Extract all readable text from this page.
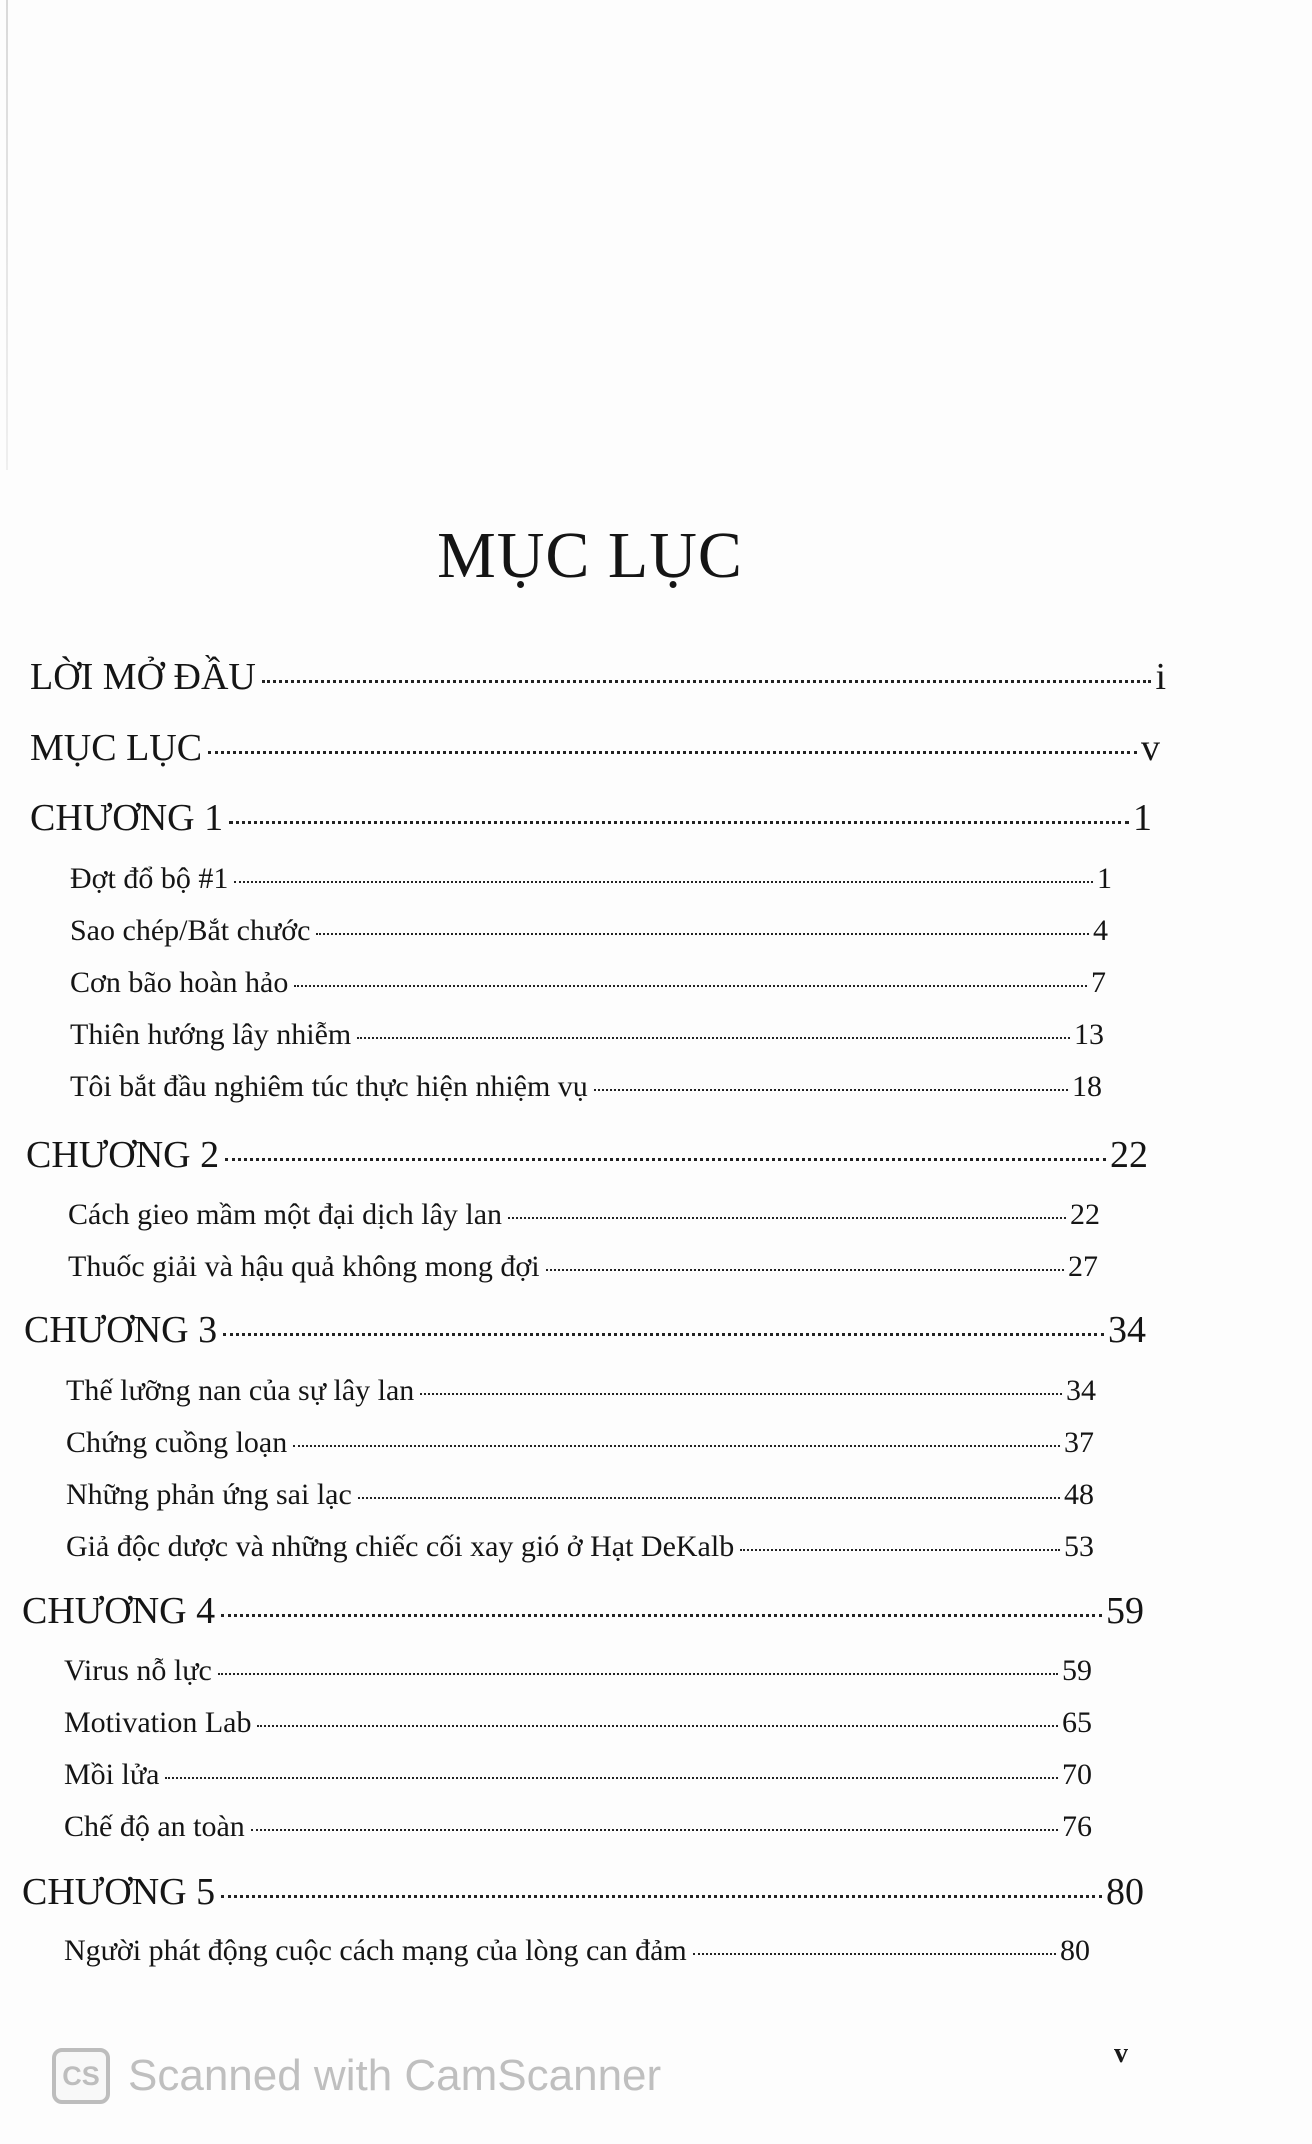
MỤC LỤC
LỜI MỞ ĐẦU	i
MỤC LỤC	v
CHƯƠNG 1	1
Đợt đổ bộ #1	1
Sao chép/Bắt chước	4
Cơn bão hoàn hảo	7
Thiên hướng lây nhiễm	13
Tôi bắt đầu nghiêm túc thực hiện nhiệm vụ	18
CHƯƠNG 2	22
Cách gieo mầm một đại dịch lây lan	22
Thuốc giải và hậu quả không mong đợi	27
CHƯƠNG 3	34
Thế lưỡng nan của sự lây lan	34
Chứng cuồng loạn	37
Những phản ứng sai lạc	48
Giả độc dược và những chiếc cối xay gió ở Hạt DeKalb	53
CHƯƠNG 4	59
Virus nỗ lực	59
Motivation Lab	65
Mồi lửa	70
Chế độ an toàn	76
CHƯƠNG 5	80
Người phát động cuộc cách mạng của lòng can đảm	80
v
CS Scanned with CamScanner
